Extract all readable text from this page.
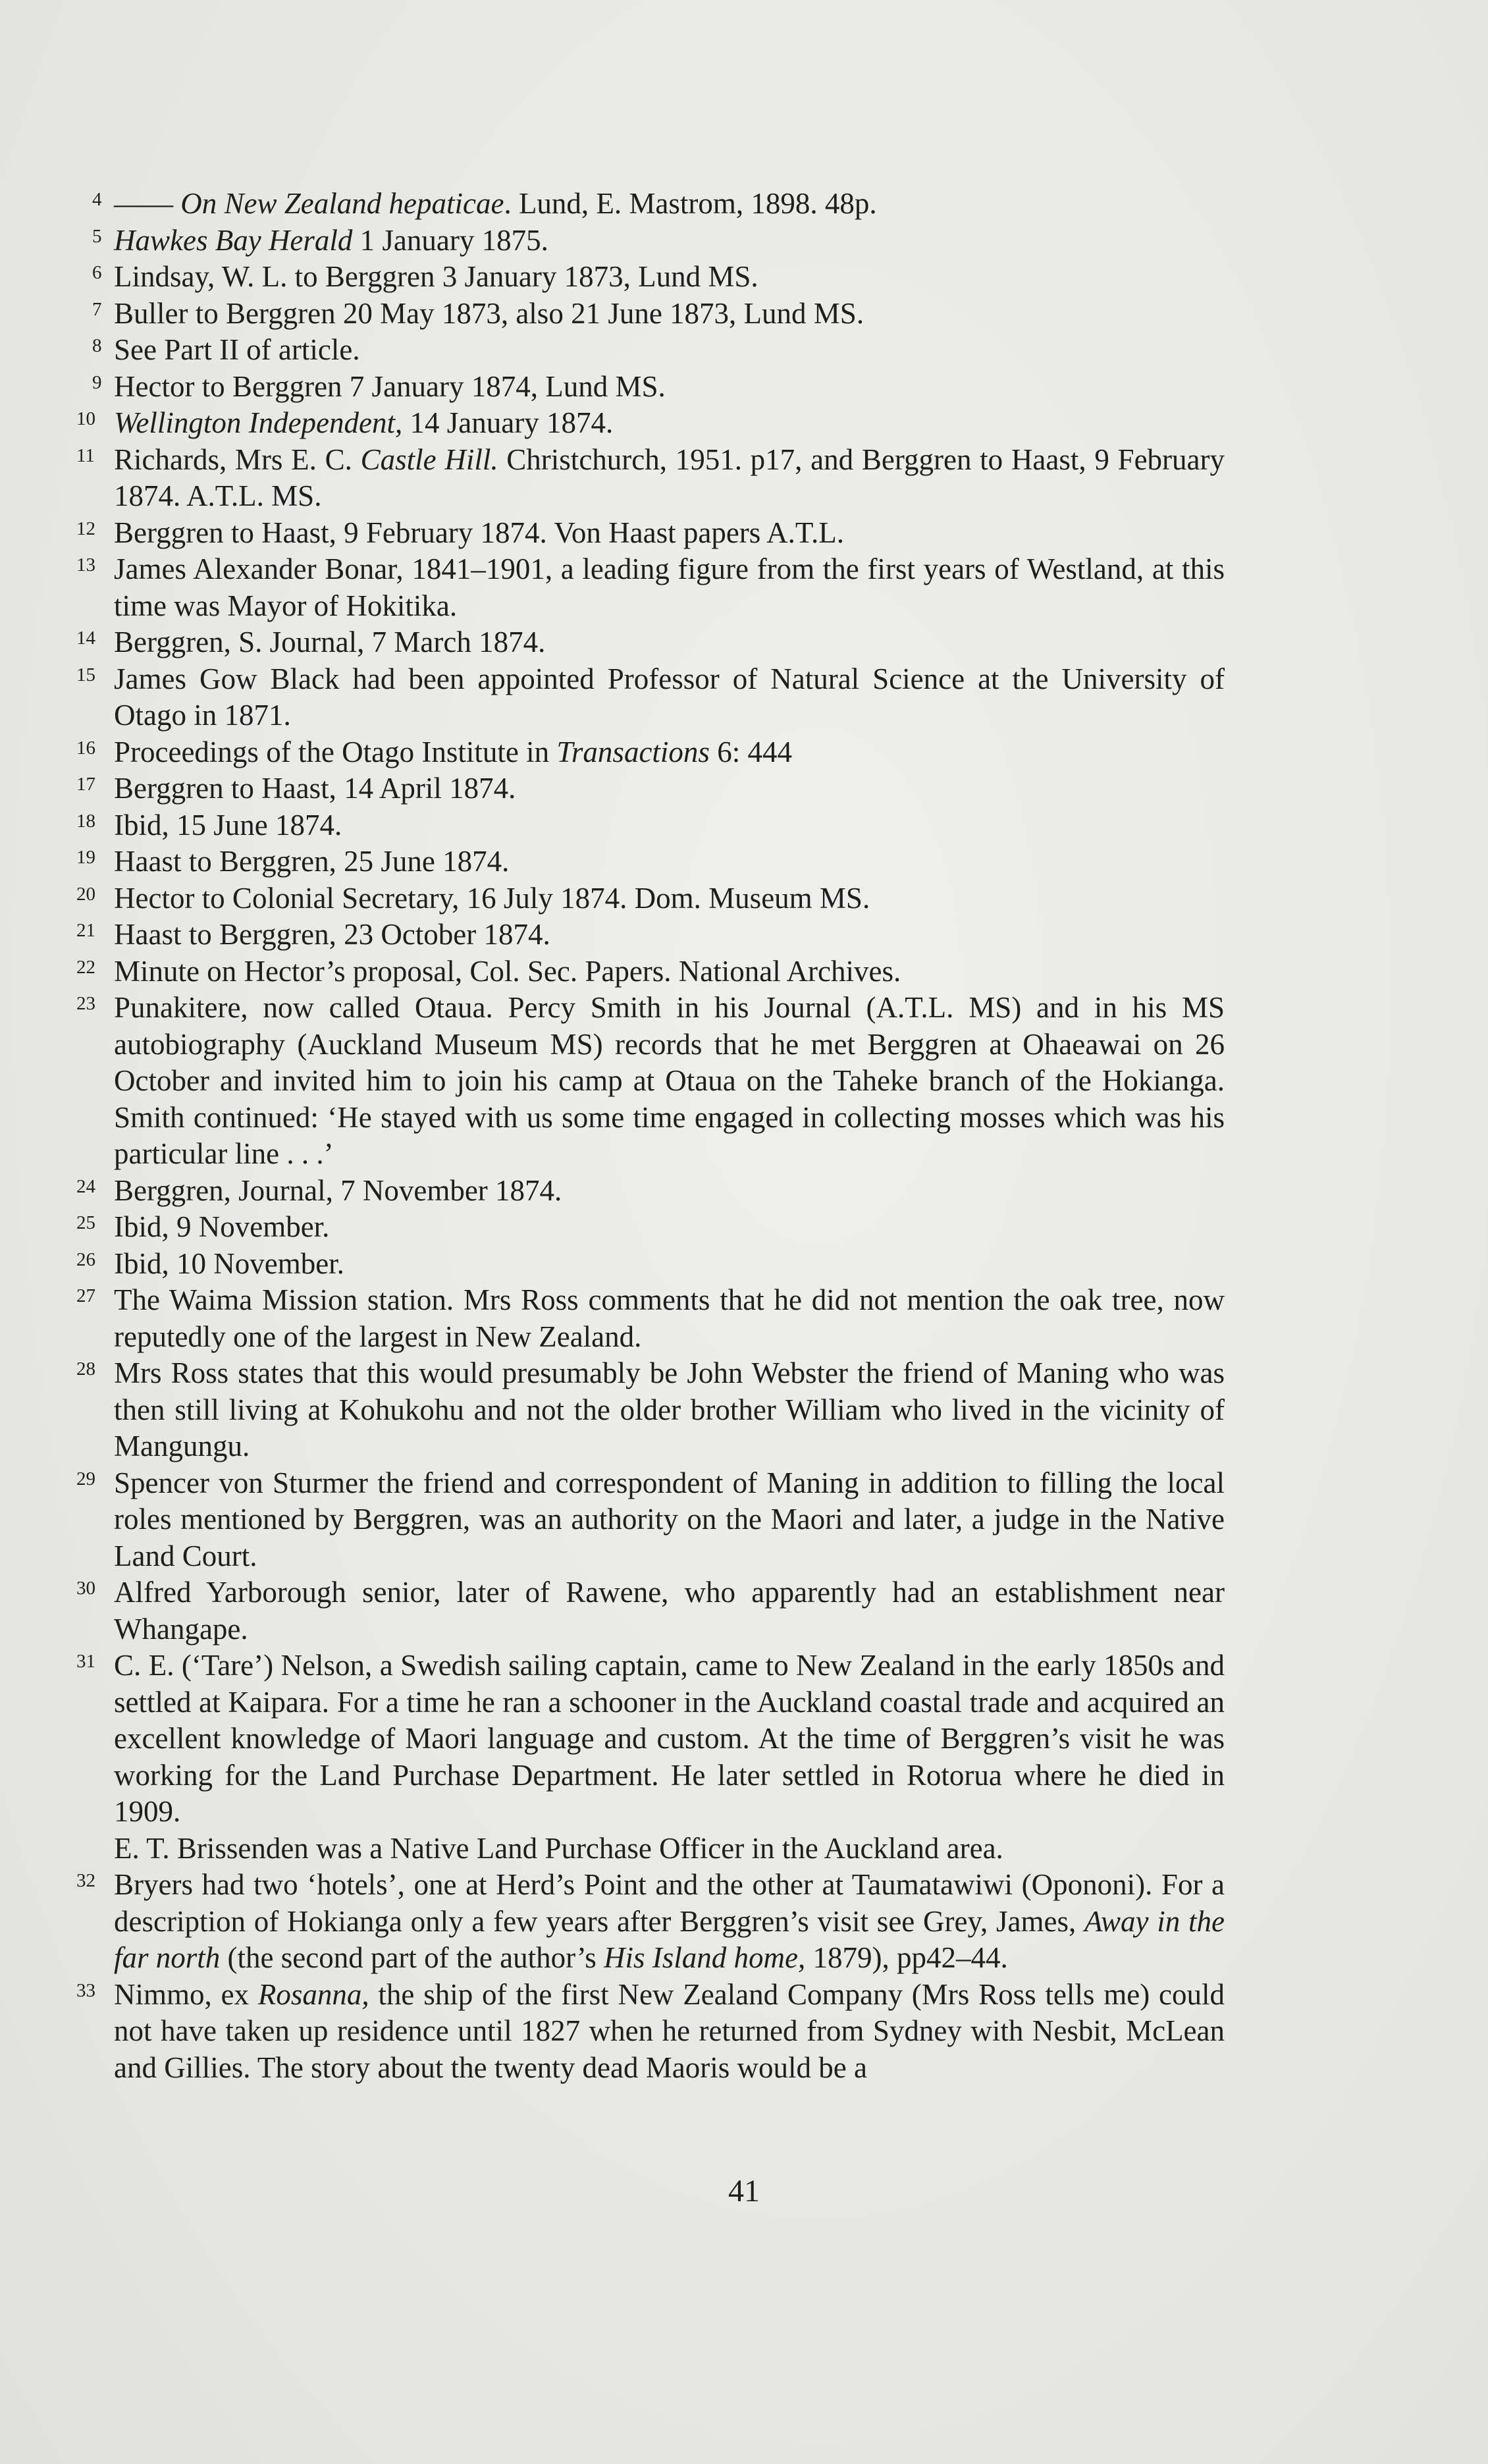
4 —— On New Zealand hepaticae. Lund, E. Mastrom, 1898. 48p.
5 Hawkes Bay Herald 1 January 1875.
6 Lindsay, W. L. to Berggren 3 January 1873, Lund MS.
7 Buller to Berggren 20 May 1873, also 21 June 1873, Lund MS.
8 See Part II of article.
9 Hector to Berggren 7 January 1874, Lund MS.
10 Wellington Independent, 14 January 1874.
11 Richards, Mrs E. C. Castle Hill. Christchurch, 1951. p17, and Berggren to Haast, 9 February 1874. A.T.L. MS.
12 Berggren to Haast, 9 February 1874. Von Haast papers A.T.L.
13 James Alexander Bonar, 1841–1901, a leading figure from the first years of Westland, at this time was Mayor of Hokitika.
14 Berggren, S. Journal, 7 March 1874.
15 James Gow Black had been appointed Professor of Natural Science at the University of Otago in 1871.
16 Proceedings of the Otago Institute in Transactions 6: 444
17 Berggren to Haast, 14 April 1874.
18 Ibid, 15 June 1874.
19 Haast to Berggren, 25 June 1874.
20 Hector to Colonial Secretary, 16 July 1874. Dom. Museum MS.
21 Haast to Berggren, 23 October 1874.
22 Minute on Hector’s proposal, Col. Sec. Papers. National Archives.
23 Punakitere, now called Otaua. Percy Smith in his Journal (A.T.L. MS) and in his MS autobiography (Auckland Museum MS) records that he met Berggren at Ohaeawai on 26 October and invited him to join his camp at Otaua on the Taheke branch of the Hokianga. Smith continued: ‘He stayed with us some time engaged in collecting mosses which was his particular line . . .’
24 Berggren, Journal, 7 November 1874.
25 Ibid, 9 November.
26 Ibid, 10 November.
27 The Waima Mission station. Mrs Ross comments that he did not mention the oak tree, now reputedly one of the largest in New Zealand.
28 Mrs Ross states that this would presumably be John Webster the friend of Maning who was then still living at Kohukohu and not the older brother William who lived in the vicinity of Mangungu.
29 Spencer von Sturmer the friend and correspondent of Maning in addition to filling the local roles mentioned by Berggren, was an authority on the Maori and later, a judge in the Native Land Court.
30 Alfred Yarborough senior, later of Rawene, who apparently had an establishment near Whangape.
31 C. E. (‘Tare’) Nelson, a Swedish sailing captain, came to New Zealand in the early 1850s and settled at Kaipara. For a time he ran a schooner in the Auckland coastal trade and acquired an excellent knowledge of Maori language and custom. At the time of Berggren’s visit he was working for the Land Purchase Department. He later settled in Rotorua where he died in 1909.
E. T. Brissenden was a Native Land Purchase Officer in the Auckland area.
32 Bryers had two ‘hotels’, one at Herd’s Point and the other at Taumatawiwi (Opononi). For a description of Hokianga only a few years after Berggren’s visit see Grey, James, Away in the far north (the second part of the author’s His Island home, 1879), pp42–44.
33 Nimmo, ex Rosanna, the ship of the first New Zealand Company (Mrs Ross tells me) could not have taken up residence until 1827 when he returned from Sydney with Nesbit, McLean and Gillies. The story about the twenty dead Maoris would be a
41
